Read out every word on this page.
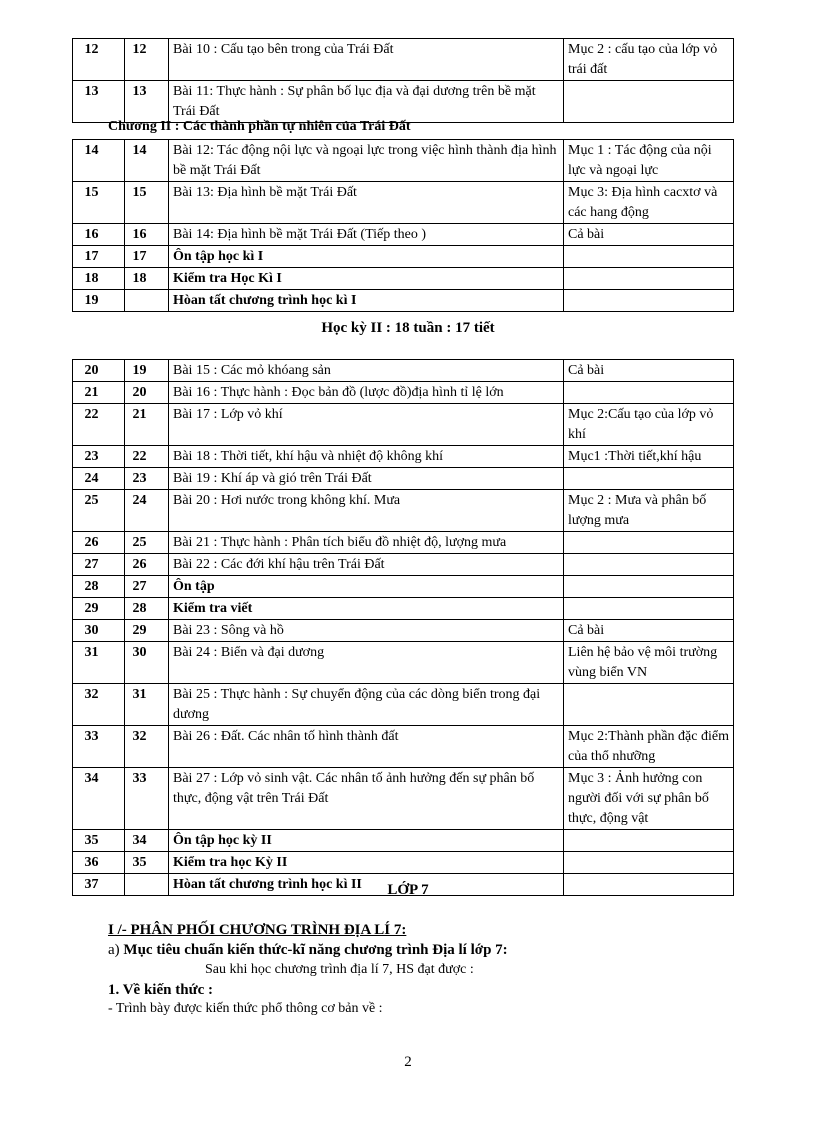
12	12	Bài 10 : Cấu tạo bên trong của Trái Đất	Mục 2 : cấu tạo của lớp vỏ trái đất
13	13	Bài 11: Thực hành : Sự phân bố lục địa và đại dương trên bề mặt Trái Đất	
Chương II : Các thành phần tự nhiên của Trái Đất
14	14	Bài 12: Tác động nội lực và ngoại lực trong việc hình thành địa hình bề mặt Trái Đất	Mục 1 : Tác động của nội lực và ngoại lực
15	15	Bài 13: Địa hình bề mặt Trái Đất	Mục 3: Địa hình cacxtơ và các hang động
16	16	Bài 14: Địa hình bề mặt Trái Đất (Tiếp theo )	Cả bài
17	17	Ôn tập học kì I	
18	18	Kiểm tra Học Kì I	
19		Hòan tất chương trình học kì I	
Học kỳ II : 18 tuần : 17 tiết
20	19	Bài 15 : Các mỏ khóang sản	Cả bài
21	20	Bài 16 : Thực hành : Đọc bản đồ (lược đồ)địa hình tỉ lệ lớn	
22	21	Bài 17 : Lớp vỏ khí	Mục 2:Cấu tạo của lớp vỏ khí
23	22	Bài 18 : Thời tiết, khí hậu và nhiệt độ không khí	Mục1 :Thời tiết,khí hậu
24	23	Bài 19 : Khí áp và gió trên Trái Đất	
25	24	Bài 20 : Hơi nước trong không khí. Mưa	Mục 2 : Mưa và phân bố lượng mưa
26	25	Bài 21 : Thực hành : Phân tích biểu đồ nhiệt độ, lượng mưa	
27	26	Bài 22 : Các đới khí hậu trên Trái Đất	
28	27	Ôn tập	
29	28	Kiểm tra viết	
30	29	Bài 23 : Sông và hồ	Cả bài
31	30	Bài 24 : Biển và đại dương	Liên hệ bảo vệ môi trường vùng biển VN
32	31	Bài 25 : Thực hành : Sự chuyển động của các dòng biển trong đại dương	
33	32	Bài 26 : Đất. Các nhân tố hình thành đất	Mục 2:Thành phần đặc điểm của thổ nhưỡng
34	33	Bài 27 : Lớp vỏ sinh vật. Các nhân tố ảnh hưởng đến sự phân bố thực, động vật trên Trái Đất	Mục 3 : Ảnh hưởng con người đối với sự phân bố thực, động vật
35	34	Ôn tập học kỳ II	
36	35	Kiểm tra học Kỳ II	
37		Hòan tất chương trình học kì II		LỚP 7
I /- PHÂN PHỐI CHƯƠNG TRÌNH ĐỊA LÍ 7:
a) Mục tiêu chuẩn kiến thức-kĩ năng chương trình Địa lí lớp 7:
Sau khi học chương trình địa lí 7, HS đạt được :
1. Về kiến thức :
- Trình bày được kiến thức phổ thông cơ bản về :
2
